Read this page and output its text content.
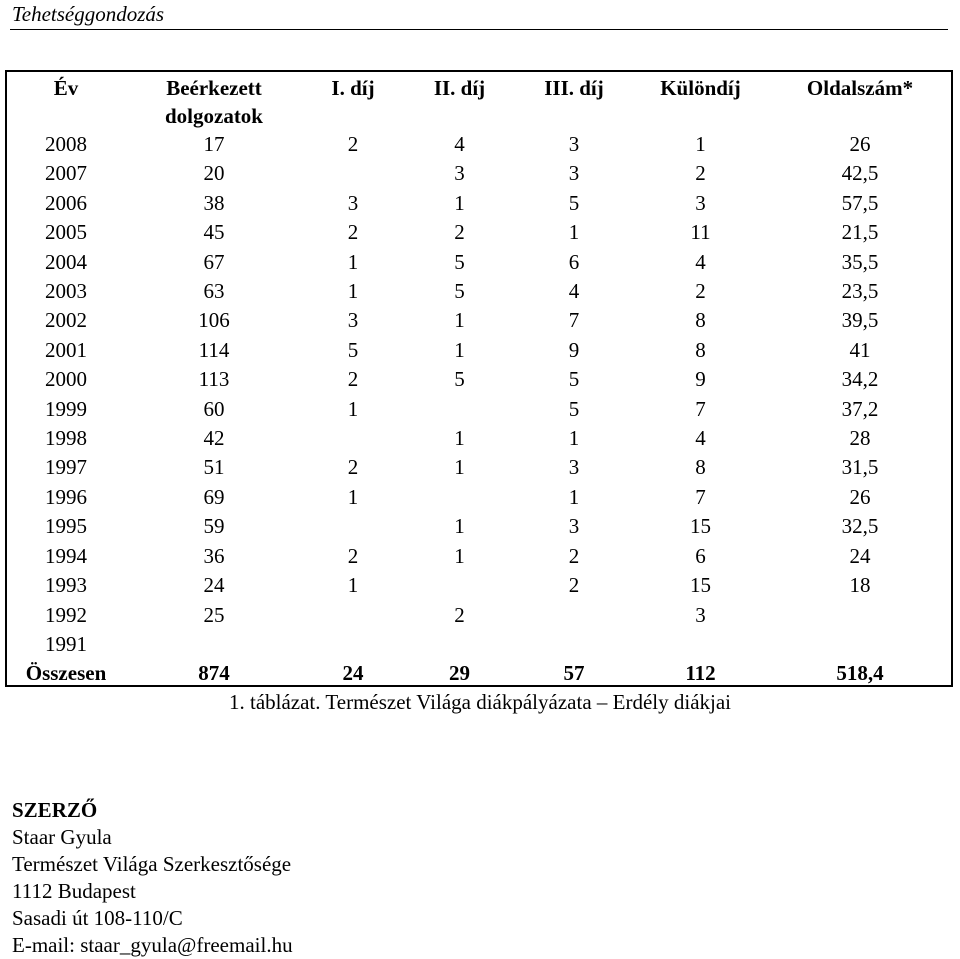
Tehetséggondozás
Év	Beérkezett dolgozatok	I. díj	II. díj	III. díj	Különdíj	Oldalszám*
2008	17	2	4	3	1	26
2007	20		3	3	2	42,5
2006	38	3	1	5	3	57,5
2005	45	2	2	1	11	21,5
2004	67	1	5	6	4	35,5
2003	63	1	5	4	2	23,5
2002	106	3	1	7	8	39,5
2001	114	5	1	9	8	41
2000	113	2	5	5	9	34,2
1999	60	1		5	7	37,2
1998	42		1	1	4	28
1997	51	2	1	3	8	31,5
1996	69	1		1	7	26
1995	59		1	3	15	32,5
1994	36	2	1	2	6	24
1993	24	1		2	15	18
1992	25		2		3	
1991						
Összesen	874	24	29	57	112	518,4
1. táblázat. Természet Világa diákpályázata – Erdély diákjai
SZERZŐ
Staar Gyula
Természet Világa Szerkesztősége
1112 Budapest
Sasadi út 108-110/C
E-mail: staar_gyula@freemail.hu
